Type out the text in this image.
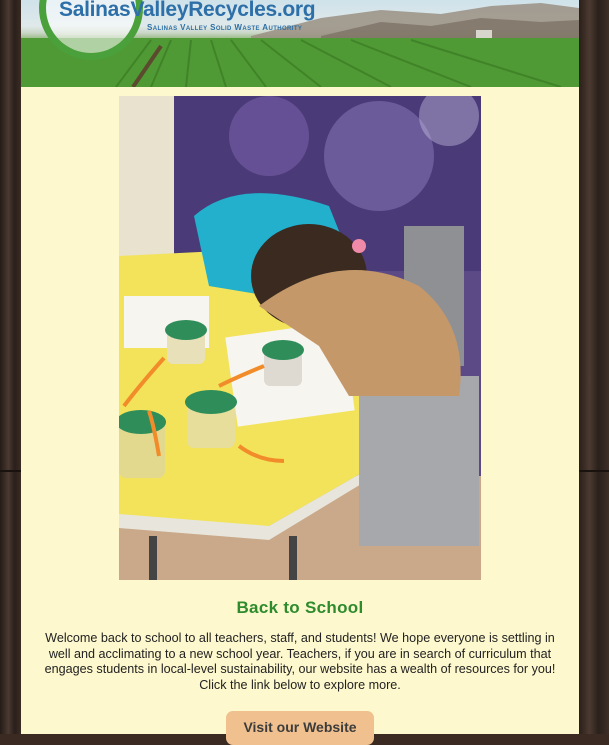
SalinasValleyRecycles.org
Salinas Valley Solid Waste Authority
Back to School
Welcome back to school to all teachers, staff, and students! We hope everyone is settling in well and acclimating to a new school year. Teachers, if you are in search of curriculum that engages students in local-level sustainability, our website has a wealth of resources for you! Click the link below to explore more.
Visit our Website
